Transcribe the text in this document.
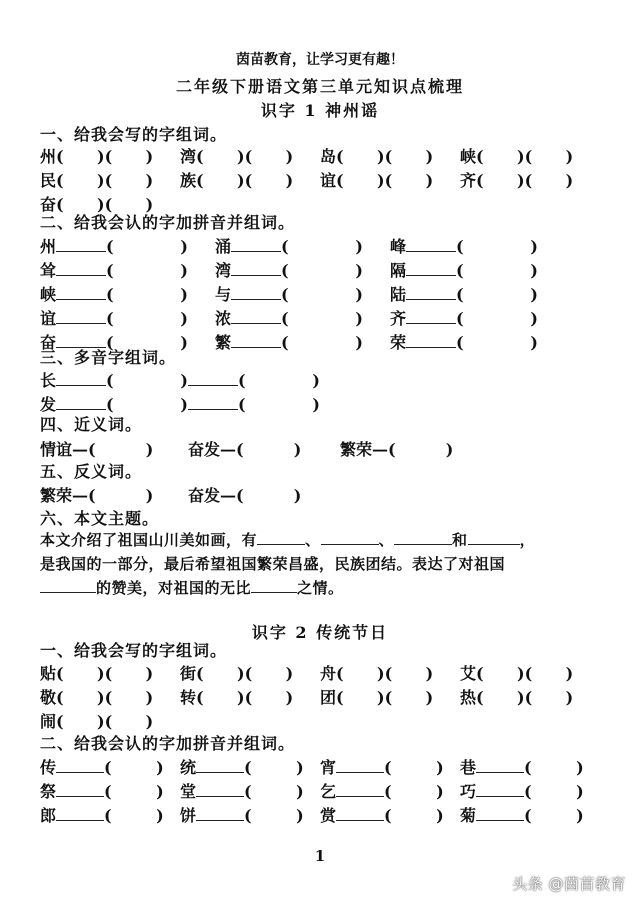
茵苗教育，让学习更有趣！
二年级下册语文第三单元知识点梳理
识字 1 神州谣
一、给我会写的字组词。
州(      )(      ) 湾(      )(      ) 岛(      )(      ) 峡(      )(      )
民(      )(      ) 族(      )(      ) 谊(      )(      ) 齐(      )(      )
奋(      )(      )
二、给我会认的字加拼音并组词。
州	(            ) 涌	(            ) 峰	(            )
耸	(            ) 湾	(            ) 隔	(            )
峡	(            ) 与	(            ) 陆	(            )
谊	(            ) 浓	(            ) 齐	(            )
奋	(            ) 繁	(            ) 荣	(            )
三、多音字组词。
长	(            )	(            )
发	(            )	(            )
四、近义词。
情谊—(         ) 奋发—(         ) 繁荣—(         )
五、反义词。
繁荣—(         ) 奋发—(         )
六、本文主题。
本文介绍了祖国山川美如画，有	、	、	和	，
是我国的一部分，最后希望祖国繁荣昌盛，民族团结。表达了对祖国
的赞美，对祖国的无比	之情。
识字 2 传统节日
一、给我会写的字组词。
贴(      )(      ) 街(      )(      ) 舟(      )(      ) 艾(      )(      )
敬(      )(      ) 转(      )(      ) 团(      )(      ) 热(      )(      )
闹(      )(      )
二、给我会认的字加拼音并组词。
传	(        ) 统	(        ) 宵	(        ) 巷	(        )
祭	(        ) 堂	(        ) 乞	(        ) 巧	(        )
郎	(        ) 饼	(        ) 赏	(        ) 菊	(        )
1
头条 @茵苗教育
